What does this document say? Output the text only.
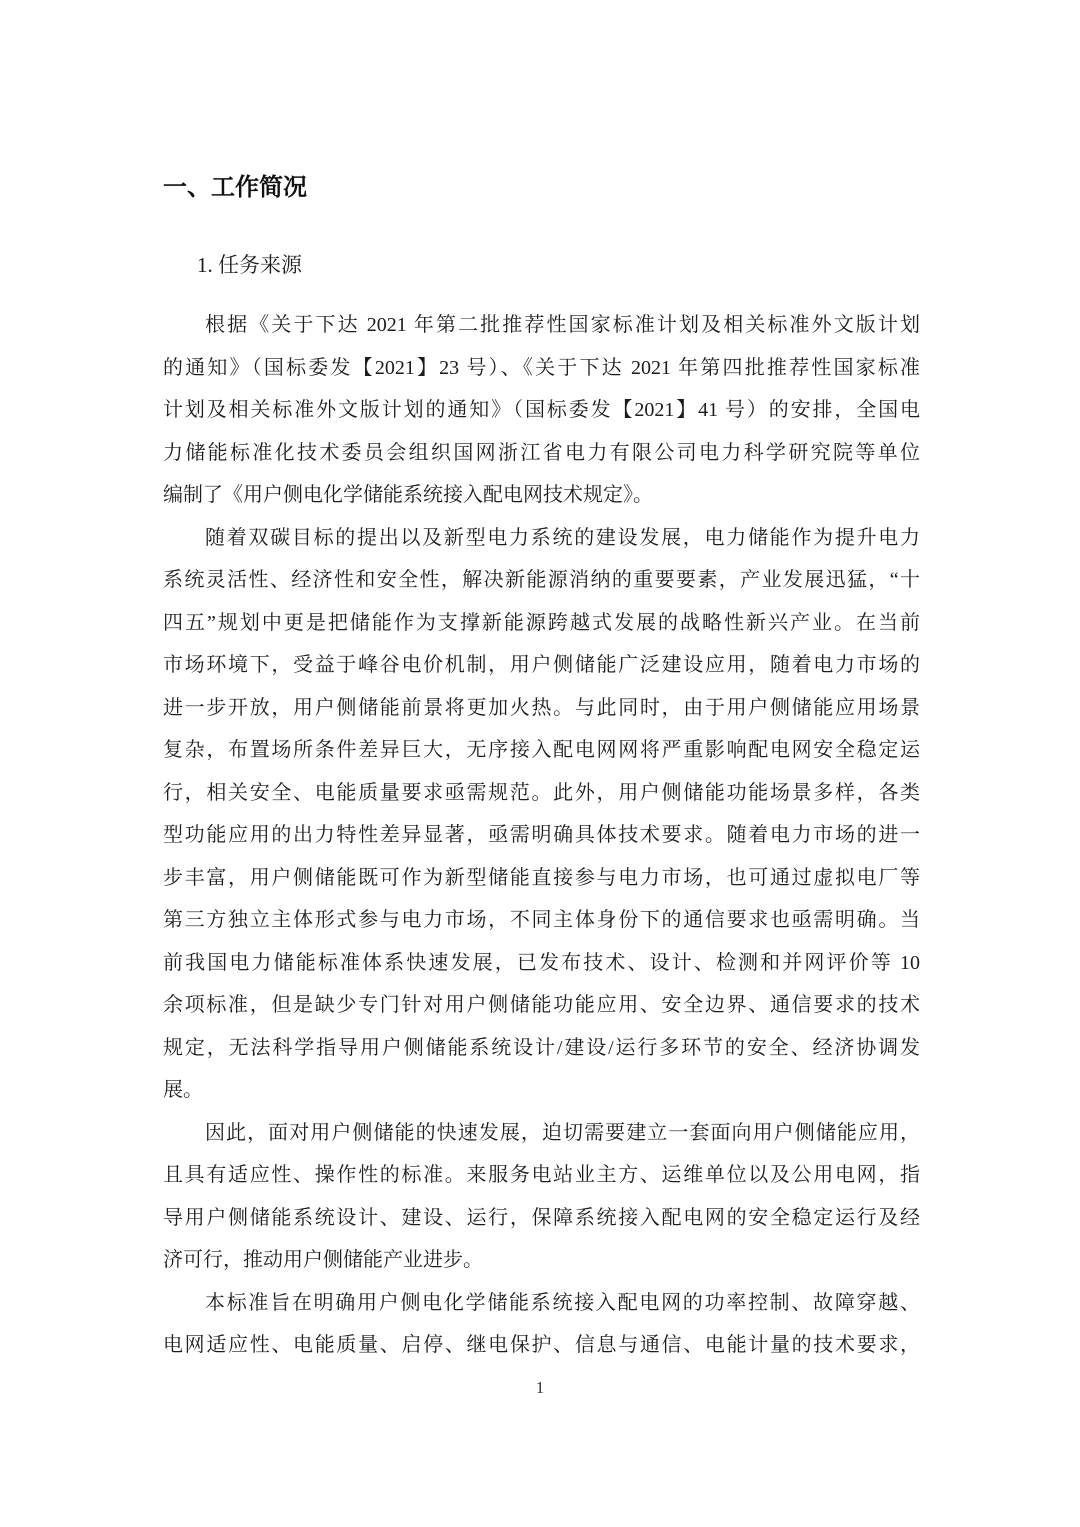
一、工作简况
1. 任务来源
根据《关于下达 2021 年第二批推荐性国家标准计划及相关标准外文版计划
的通知》（国标委发【2021】23 号）、《关于下达 2021 年第四批推荐性国家标准
计划及相关标准外文版计划的通知》（国标委发【2021】41 号）的安排，全国电
力储能标准化技术委员会组织国网浙江省电力有限公司电力科学研究院等单位
编制了《用户侧电化学储能系统接入配电网技术规定》。
随着双碳目标的提出以及新型电力系统的建设发展，电力储能作为提升电力
系统灵活性、经济性和安全性，解决新能源消纳的重要要素，产业发展迅猛，“十
四五”规划中更是把储能作为支撑新能源跨越式发展的战略性新兴产业。在当前
市场环境下，受益于峰谷电价机制，用户侧储能广泛建设应用，随着电力市场的
进一步开放，用户侧储能前景将更加火热。与此同时，由于用户侧储能应用场景
复杂，布置场所条件差异巨大，无序接入配电网网将严重影响配电网安全稳定运
行，相关安全、电能质量要求亟需规范。此外，用户侧储能功能场景多样，各类
型功能应用的出力特性差异显著，亟需明确具体技术要求。随着电力市场的进一
步丰富，用户侧储能既可作为新型储能直接参与电力市场，也可通过虚拟电厂等
第三方独立主体形式参与电力市场，不同主体身份下的通信要求也亟需明确。当
前我国电力储能标准体系快速发展，已发布技术、设计、检测和并网评价等 10
余项标准，但是缺少专门针对用户侧储能功能应用、安全边界、通信要求的技术
规定，无法科学指导用户侧储能系统设计/建设/运行多环节的安全、经济协调发
展。
因此，面对用户侧储能的快速发展，迫切需要建立一套面向用户侧储能应用，
且具有适应性、操作性的标准。来服务电站业主方、运维单位以及公用电网，指
导用户侧储能系统设计、建设、运行，保障系统接入配电网的安全稳定运行及经
济可行，推动用户侧储能产业进步。
本标准旨在明确用户侧电化学储能系统接入配电网的功率控制、故障穿越、
电网适应性、电能质量、启停、继电保护、信息与通信、电能计量的技术要求，
1
